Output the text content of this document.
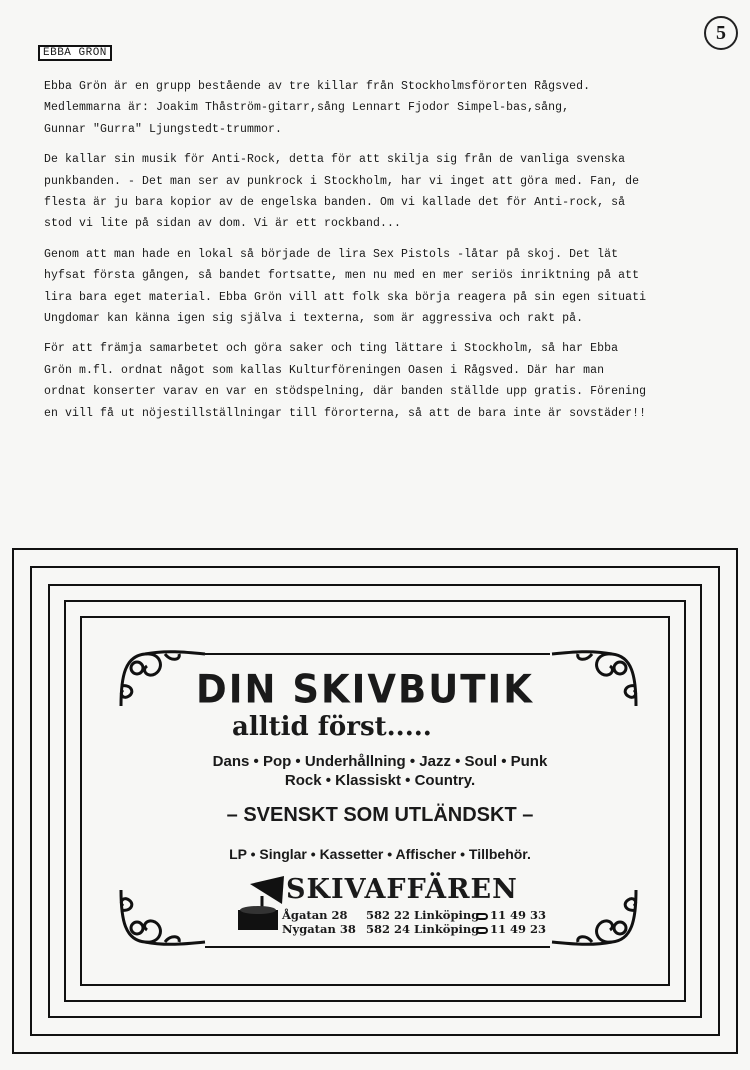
5
EBBA GRÖN

Ebba Grön är en grupp bestående av tre killar från Stockholmsförorten Rågsved.
Medlemmarna är: Joakim Thåström-gitarr,sång Lennart Fjodor Simpel-bas,sång,
Gunnar "Gurra" Ljungstedt-trummor.

De kallar sin musik för Anti-Rock, detta för att skilja sig från de vanliga svenska
punkbanden. - Det man ser av punkrock i Stockholm, har vi inget att göra med. Fan, de
flesta är ju bara kopior av de engelska banden. Om vi kallade det för Anti-rock, så
stod vi lite på sidan av dom. Vi är ett rockband...

Genom att man hade en lokal så började de lira Sex Pistols -låtar på skoj. Det lät
hyfsat första gången, så bandet fortsatte, men nu med en mer seriös inriktning på att
lira bara eget material. Ebba Grön vill att folk ska börja reagera på sin egen situati
Ungdomar kan känna igen sig själva i texterna, som är aggressiva och rakt på.

För att främja samarbetet och göra saker och ting lättare i Stockholm, så har Ebba
Grön m.fl. ordnat något som kallas Kulturföreningen Oasen i Rågsved. Där har man
ordnat konserter varav en var en stödspelning, där banden ställde upp gratis. Förening
en vill få ut nöjestillställningar till förorterna, så att de bara inte är sovstäder!!

DIN SKIVBUTIK
alltid först.....
Dans • Pop • Underhållning • Jazz • Soul • Punk
Rock • Klassiskt • Country.
– SVENSKT SOM UTLÄNDSKT –
LP • Singlar • Kassetter • Affischer • Tillbehör.
SKIVAFFÄREN
Ågatan 28 582 22 Linköping 11 49 33
Nygatan 38 582 24 Linköping 11 49 23
